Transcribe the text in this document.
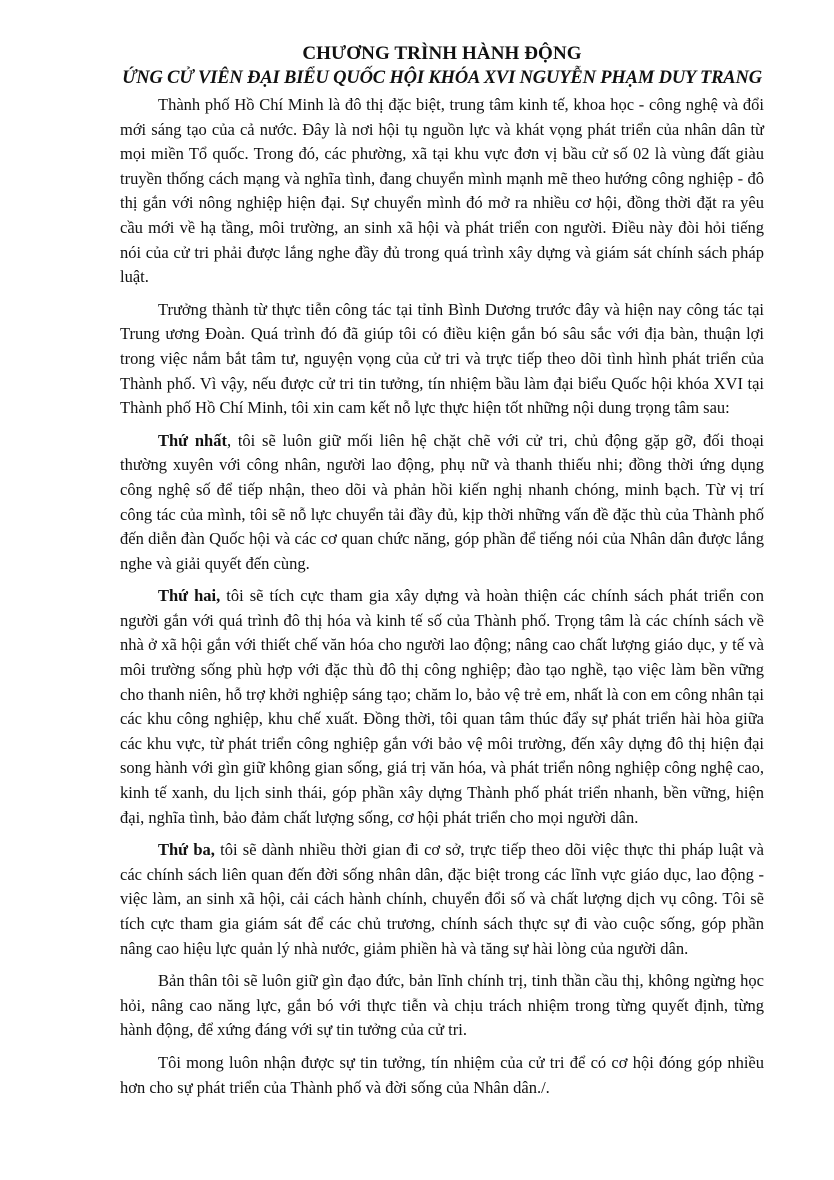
CHƯƠNG TRÌNH HÀNH ĐỘNG
ỨNG CỬ VIÊN ĐẠI BIỂU QUỐC HỘI KHÓA XVI NGUYỄN PHẠM DUY TRANG

Thành phố Hồ Chí Minh là đô thị đặc biệt, trung tâm kinh tế, khoa học - công nghệ và đổi mới sáng tạo của cả nước. Đây là nơi hội tụ nguồn lực và khát vọng phát triển của nhân dân từ mọi miền Tổ quốc. Trong đó, các phường, xã tại khu vực đơn vị bầu cử số 02 là vùng đất giàu truyền thống cách mạng và nghĩa tình, đang chuyển mình mạnh mẽ theo hướng công nghiệp - đô thị gắn với nông nghiệp hiện đại. Sự chuyển mình đó mở ra nhiều cơ hội, đồng thời đặt ra yêu cầu mới về hạ tầng, môi trường, an sinh xã hội và phát triển con người. Điều này đòi hỏi tiếng nói của cử tri phải được lắng nghe đầy đủ trong quá trình xây dựng và giám sát chính sách pháp luật.

Trưởng thành từ thực tiễn công tác tại tỉnh Bình Dương trước đây và hiện nay công tác tại Trung ương Đoàn. Quá trình đó đã giúp tôi có điều kiện gắn bó sâu sắc với địa bàn, thuận lợi trong việc nắm bắt tâm tư, nguyện vọng của cử tri và trực tiếp theo dõi tình hình phát triển của Thành phố. Vì vậy, nếu được cử tri tin tưởng, tín nhiệm bầu làm đại biểu Quốc hội khóa XVI tại Thành phố Hồ Chí Minh, tôi xin cam kết nỗ lực thực hiện tốt những nội dung trọng tâm sau:

Thứ nhất, tôi sẽ luôn giữ mối liên hệ chặt chẽ với cử tri, chủ động gặp gỡ, đối thoại thường xuyên với công nhân, người lao động, phụ nữ và thanh thiếu nhi; đồng thời ứng dụng công nghệ số để tiếp nhận, theo dõi và phản hồi kiến nghị nhanh chóng, minh bạch. Từ vị trí công tác của mình, tôi sẽ nỗ lực chuyển tải đầy đủ, kịp thời những vấn đề đặc thù của Thành phố đến diễn đàn Quốc hội và các cơ quan chức năng, góp phần để tiếng nói của Nhân dân được lắng nghe và giải quyết đến cùng.

Thứ hai, tôi sẽ tích cực tham gia xây dựng và hoàn thiện các chính sách phát triển con người gắn với quá trình đô thị hóa và kinh tế số của Thành phố. Trọng tâm là các chính sách về nhà ở xã hội gắn với thiết chế văn hóa cho người lao động; nâng cao chất lượng giáo dục, y tế và môi trường sống phù hợp với đặc thù đô thị công nghiệp; đào tạo nghề, tạo việc làm bền vững cho thanh niên, hỗ trợ khởi nghiệp sáng tạo; chăm lo, bảo vệ trẻ em, nhất là con em công nhân tại các khu công nghiệp, khu chế xuất. Đồng thời, tôi quan tâm thúc đẩy sự phát triển hài hòa giữa các khu vực, từ phát triển công nghiệp gắn với bảo vệ môi trường, đến xây dựng đô thị hiện đại song hành với gìn giữ không gian sống, giá trị văn hóa, và phát triển nông nghiệp công nghệ cao, kinh tế xanh, du lịch sinh thái, góp phần xây dựng Thành phố phát triển nhanh, bền vững, hiện đại, nghĩa tình, bảo đảm chất lượng sống, cơ hội phát triển cho mọi người dân.

Thứ ba, tôi sẽ dành nhiều thời gian đi cơ sở, trực tiếp theo dõi việc thực thi pháp luật và các chính sách liên quan đến đời sống nhân dân, đặc biệt trong các lĩnh vực giáo dục, lao động - việc làm, an sinh xã hội, cải cách hành chính, chuyển đổi số và chất lượng dịch vụ công. Tôi sẽ tích cực tham gia giám sát để các chủ trương, chính sách thực sự đi vào cuộc sống, góp phần nâng cao hiệu lực quản lý nhà nước, giảm phiền hà và tăng sự hài lòng của người dân.

Bản thân tôi sẽ luôn giữ gìn đạo đức, bản lĩnh chính trị, tinh thần cầu thị, không ngừng học hỏi, nâng cao năng lực, gắn bó với thực tiễn và chịu trách nhiệm trong từng quyết định, từng hành động, để xứng đáng với sự tin tưởng của cử tri.

Tôi mong luôn nhận được sự tin tưởng, tín nhiệm của cử tri để có cơ hội đóng góp nhiều hơn cho sự phát triển của Thành phố và đời sống của Nhân dân./.
